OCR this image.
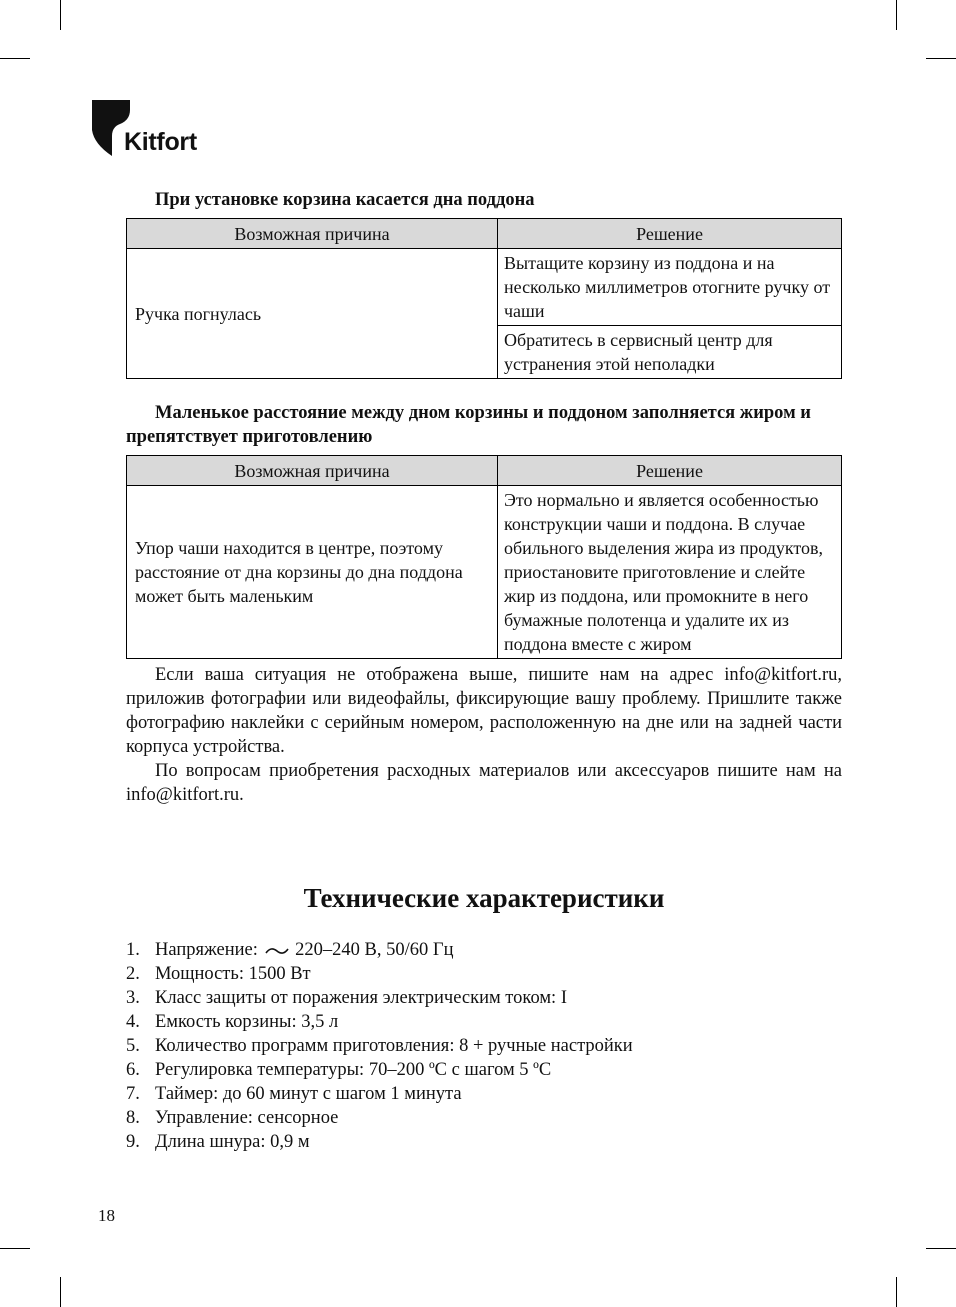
Kitfort

При установке корзина касается дна поддона

Возможная причина	Решение
Ручка погнулась	Вытащите корзину из поддона и на несколько миллиметров отогните ручку от чаши
	Обратитесь в сервисный центр для устранения этой неполадки

Маленькое расстояние между дном корзины и поддоном заполняется жиром и препятствует приготовлению

Возможная причина	Решение
Упор чаши находится в центре, поэтому расстояние от дна корзины до дна поддона может быть маленьким	Это нормально и является особенностью конструкции чаши и поддона. В случае обильного выделения жира из продуктов, приостановите приготовление и слейте жир из поддона, или промокните в него бумажные полотенца и удалите их из поддона вместе с жиром

Если ваша ситуация не отображена выше, пишите нам на адрес info@kitfort.ru, приложив фотографии или видеофайлы, фиксирующие вашу проблему. Пришлите также фотографию наклейки с серийным номером, расположенную на дне или на задней части корпуса устройства.

По вопросам приобретения расходных материалов или аксессуаров пишите нам на info@kitfort.ru.

Технические характеристики
1. Напряжение: 220–240 В, 50/60 Гц
2. Мощность: 1500 Вт
3. Класс защиты от поражения электрическим током: I
4. Емкость корзины: 3,5 л
5. Количество программ приготовления: 8 + ручные настройки
6. Регулировка температуры: 70–200 ºС с шагом 5 ºС
7. Таймер: до 60 минут с шагом 1 минута
8. Управление: сенсорное
9. Длина шнура: 0,9 м
18
